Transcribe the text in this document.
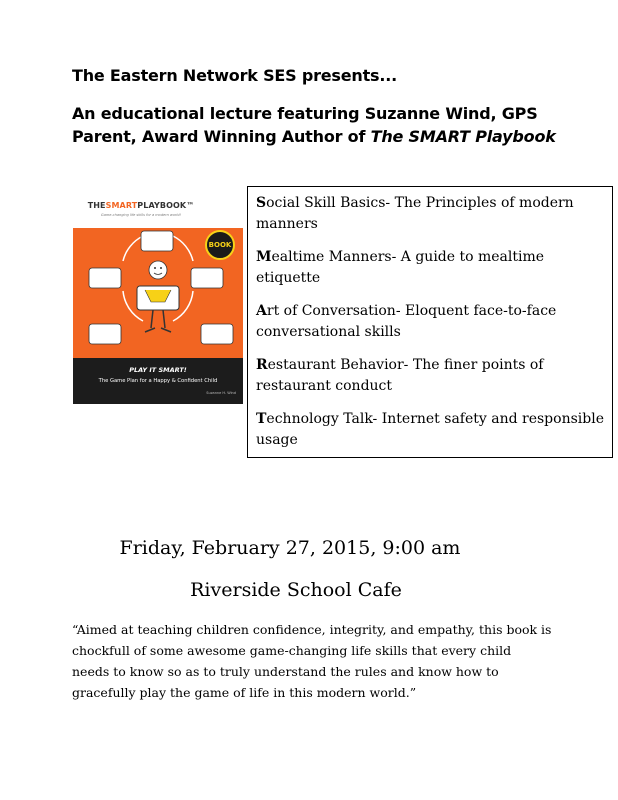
The Eastern Network SES presents...
An educational lecture featuring Suzanne Wind, GPS Parent, Award Winning Author of The SMART Playbook
THESMARTPLAYBOOK™
Game-changing life skills for a modern world!
BOOK
PLAY IT SMART!
The Game Plan for a Happy & Confident Child
Suzanne H. Wind
Social Skill Basics- The Principles of modern manners
Mealtime Manners- A guide to mealtime etiquette
Art of Conversation- Eloquent face-to-face conversational skills
Restaurant Behavior- The finer points of restaurant conduct
Technology Talk- Internet safety and responsible usage
Friday, February 27, 2015, 9:00 am
Riverside School Cafe
“Aimed at teaching children confidence, integrity, and empathy, this book is chockfull of some awesome game-changing life skills that every child needs to know so as to truly understand the rules and know how to gracefully play the game of life in this modern world.”
